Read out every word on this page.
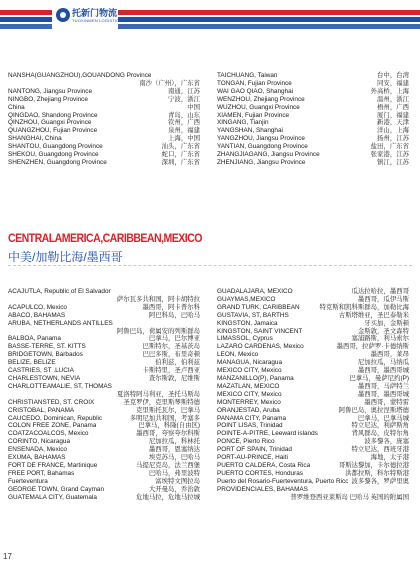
托新门物流
TUOXINMEN LOGISTICS
NANSHA(GUANGZHOU),GOUANDONG Province
南沙（广州），广东省
NANTONG, Jiangsu Province	南通，江苏
NINGBO, Zhejiang Province	宁波，浙江
China	中国
QINGDAO, Shandong Province	青岛，山东
QINZHOU, Guangxi Province	钦州，广西
QUANGZHOU, Fujian Province	泉州，福建
SHANGHAI, China	上海，中国
SHANTOU, Guangdong Province	汕头，广东省
SHEKOU, Guangdong Province	蛇口，广东省
SHENZHEN, Guangdong Province	深圳，广东省
TAICHUANG, Taiwan	台中，台湾
TONGAN, Fujian Province	同安，福建
WAI GAO QIAO, Shanghai	外高桥，上海
WENZHOU, Zhejiang Province	温州，浙江
WUZHOU, Guangxi Province	梧州，广西
XIAMEN, Fujian Province	厦门，福建
XINGANG, Tianjin	新港，天津
YANGSHAN, Shanghai	洋山，上海
YANGZHOU, Jiangsu Province	扬州，江苏
YANTIAN, Guangdong Province	盐田，广东省
ZHANGJIAGANG, Jiangsu Province	张家港，江苏
ZHENJIANG, Jiangsu Province	镇江，江苏
CENTRALAMERICA,CARIBBEAN,MEXICO
中美/加勒比海/墨西哥
ACAJUTLA, Republic of El Salvador
萨尔瓦多共和国，阿卡胡特拉
ACAPULCO, Mexico	墨西哥，阿卡普尔科
ABACO, BAHAMAS	阿巴科岛，巴哈马
ARUBA, NETHERLANDS ANTILLES
阿鲁巴岛，荷属安的列斯群岛
BALBOA, Panama	巴拿马，巴尔博亚
BASSE-TERRE, ST. KITTS	巴斯特尔，圣基茨岛
BRIDGETOWN, Barbados	巴巴多斯，布里奇顿
BELIZE, BELIZE	伯利兹，伯利兹
CASTRIES, ST .LUCIA	卡斯特里，圣卢西亚
CHARLESTOWN, NEVIA	查尔斯敦，尼维斯
CHARLOTTEAMALIE, ST, THOMAS
夏洛特阿马利亚，圣托马斯岛
CHRISTIANSTED, ST. CROIX	圣克罗伊，克里斯琴斯特德
CRISTOBAL, PANAMA	克里斯托瓦尔，巴拿马
CAUCEDO, Dominican, Republic	多明尼加共和国，考塞多
COLON FREE ZONE, Panama	巴拿马，科隆(自由区)
COATZACOALCOS, Mexico	墨西哥，夸察夸尔科斯
CORINTO, Nicaragua	尼加拉瓜，科林托
ENSENADA, Mexico	墨西哥，恩塞纳达
EXUMA, BAHAMAS	埃克苏马，巴哈马
FORT DE FRANCE, Martinique	马提尼克岛，法兰西堡
FREE PORT, Bahamas	巴哈马，弗里波特
Fuerteventura	富埃特文图拉岛
GEORGE TOWN, Grand Cayman	大开曼岛，乔治敦
GUATEMALA CITY, Guatemala	危地马拉，危地马拉城
GUADALAJARA, MEXICO	瓜达拉哈拉，墨西哥
GUAYMAS,MEXICO	墨西哥，瓜伊马斯
GRAND TURK, CARIBBEAN	特克斯和凯科斯群岛，加勒比海
GUSTAVIA, ST, BARTHS	古斯塔维亚，圣巴泰勒米
KINGSTON, Jamaica	牙买加，金斯顿
KINGSTON, SAINT VINCENT	金斯敦，圣文森特
LIMASSOL, Cyprus	塞浦路斯，利马索尔
LAZARO CARDENAS, Mexico	墨西哥，拉萨罗·卡德纳斯
LEON, Mexico	墨西哥，莱昂
MANAGUA, Nicaragua	尼加拉瓜，马纳瓜
MEXICO CITY, Mexico	墨西哥，墨西哥城
MANZANILLO(P), Panama	巴拿马，曼萨尼约(P)
MAZATLAN, MEXICO	墨西哥，马萨特兰
MEXICO CITY, Mexico	墨西哥，墨西哥城
MONTERREY, Mexico	墨西哥，蒙特雷
ORANJESTAD, Aruba	阿鲁巴岛，奥拉涅斯塔德
PANAMA CITY, Panama	巴拿马，巴拿马城
POINT LISAS, Trinidad	特立尼达，利萨斯角
POINTE-A-PITRE, Leeward islands	背风群岛，皮特尔角
PONCE, Pierto Rico	波多黎各，庞塞
PORT OF SPAIN, Trinidad	特立尼达，西班牙港
PORT-AU-PRINCE, Haiti	海地，太子港
PUERTO CALDERA, Costa Rica	哥斯达黎加，卡尔德拉港
PUERTO CORTES, Honduras	洪都拉斯，科尔特斯港
Puerto del Rosario-Fuerteventura, Puerto Rico 波多黎各，罗萨里奥
PROVIDENCIALES, BAHAMAS
普罗维登西亚莱斯岛 巴哈马 英国的附属国
17
